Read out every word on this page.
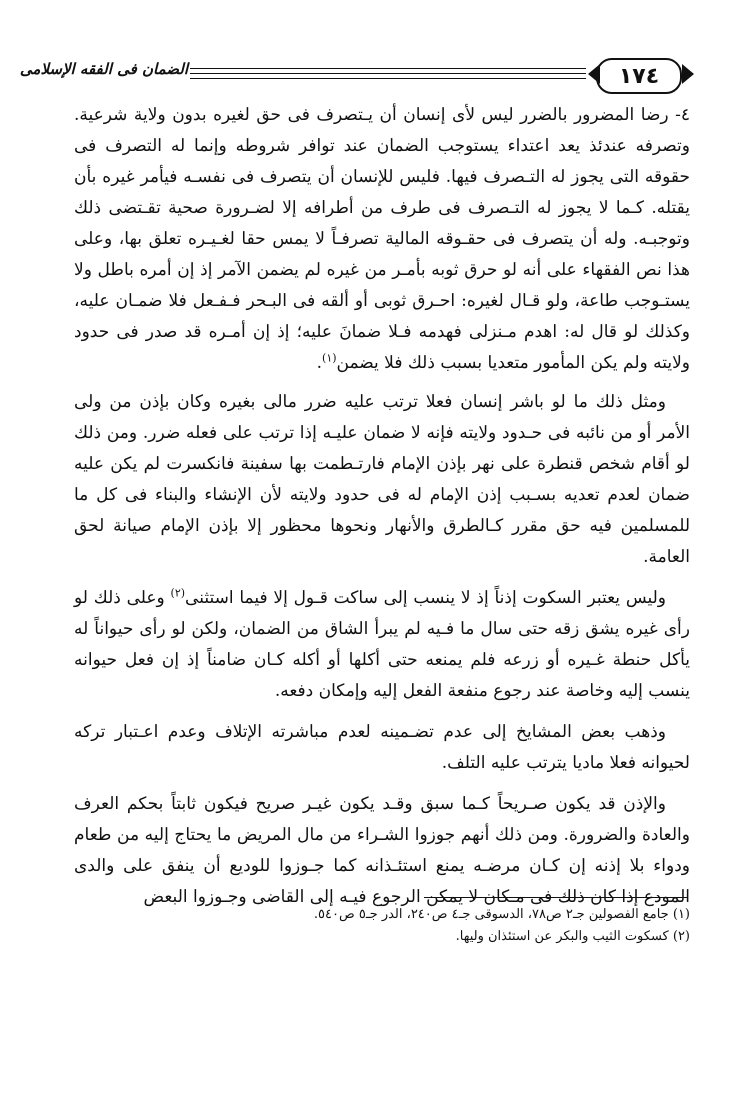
١٧٤
الضمان فى الفقه الإسلامى

٤- رضا المضرور بالضرر ليس لأى إنسان أن يـتصرف فى حق لغيره بدون ولاية شرعية. وتصرفه عندئذ يعد اعتداء يستوجب الضمان عند توافر شروطه وإنما له التصرف فى حقوقه التى يجوز له التـصرف فيها. فليس للإنسان أن يتصرف فى نفسـه فيأمر غيره بأن يقتله. كـما لا يجوز له التـصرف فى طرف من أطرافه إلا لضـرورة صحية تقـتضى ذلك وتوجبـه. وله أن يتصرف فى حقـوقه المالية تصرفـاً لا يمس حقا لغـيـره تعلق بها، وعلى هذا نص الفقهاء على أنه لو حرق ثوبه بأمـر من غيره لم يضمن الآمر إذ إن أمره باطل ولا يستـوجب طاعة، ولو قـال لغيره: احـرق ثوبى أو ألقه فى البـحر فـفـعل فلا ضمـان عليه، وكذلك لو قال له: اهدم مـنزلى فهدمه فـلا ضمانَ عليه؛ إذ إن أمـره قد صدر فى حدود ولايته ولم يكن المأمور متعديا بسبب ذلك فلا يضمن$^{(١)}$.

ومثل ذلك ما لو باشر إنسان فعلا ترتب عليه ضرر مالى بغيره وكان بإذن من ولى الأمر أو من نائبه فى حـدود ولايته فإنه لا ضمان عليـه إذا ترتب على فعله ضرر. ومن ذلك لو أقام شخص قنطرة على نهر بإذن الإمام فارتـطمت بها سفينة فانكسرت لم يكن عليه ضمان لعدم تعديه بسـبب إذن الإمام له فى حدود ولايته لأن الإنشاء والبناء فى كل ما للمسلمين فيه حق مقرر كـالطرق والأنهار ونحوها محظور إلا بإذن الإمام صيانة لحق العامة.

وليس يعتبر السكوت إذناً إذ لا ينسب إلى ساكت قـول إلا فيما استثنى$^{(٢)}$ وعلى ذلك لو رأى غيره يشق زقه حتى سال ما فـيه لم يبرأ الشاق من الضمان، ولكن لو رأى حيواناً له يأكل حنطة غـيره أو زرعه فلم يمنعه حتى أكلها أو أكله كـان ضامناً إذ إن فعل حيوانه ينسب إليه وخاصة عند رجوع منفعة الفعل إليه وإمكان دفعه.

وذهب بعض المشايخ إلى عدم تضـمينه لعدم مباشرته الإتلاف وعدم اعـتبار تركه لحيوانه فعلا ماديا يترتب عليه التلف.

والإذن قد يكون صـريحاً كـما سبق وقـد يكون غيـر صريح فيكون ثابتاً بحكم العرف والعادة والضرورة. ومن ذلك أنهم جوزوا الشـراء من مال المريض ما يحتاج إليه من طعام ودواء بلا إذنه إن كـان مرضـه يمنع استئـذانه كما جـوزوا للوديع أن ينفق على والدى المودع إذا كان ذلك فى مـكان لا يمكن الرجوع فيـه إلى القاضى وجـوزوا البعض

(١) جامع الفصولين جـ٢ ص٧٨، الدسوقى جـ٤ ص٢٤٠، الدر جـ٥ ص٥٤٠.

(٢) كسكوت الثيب والبكر عن استئذان وليها.
